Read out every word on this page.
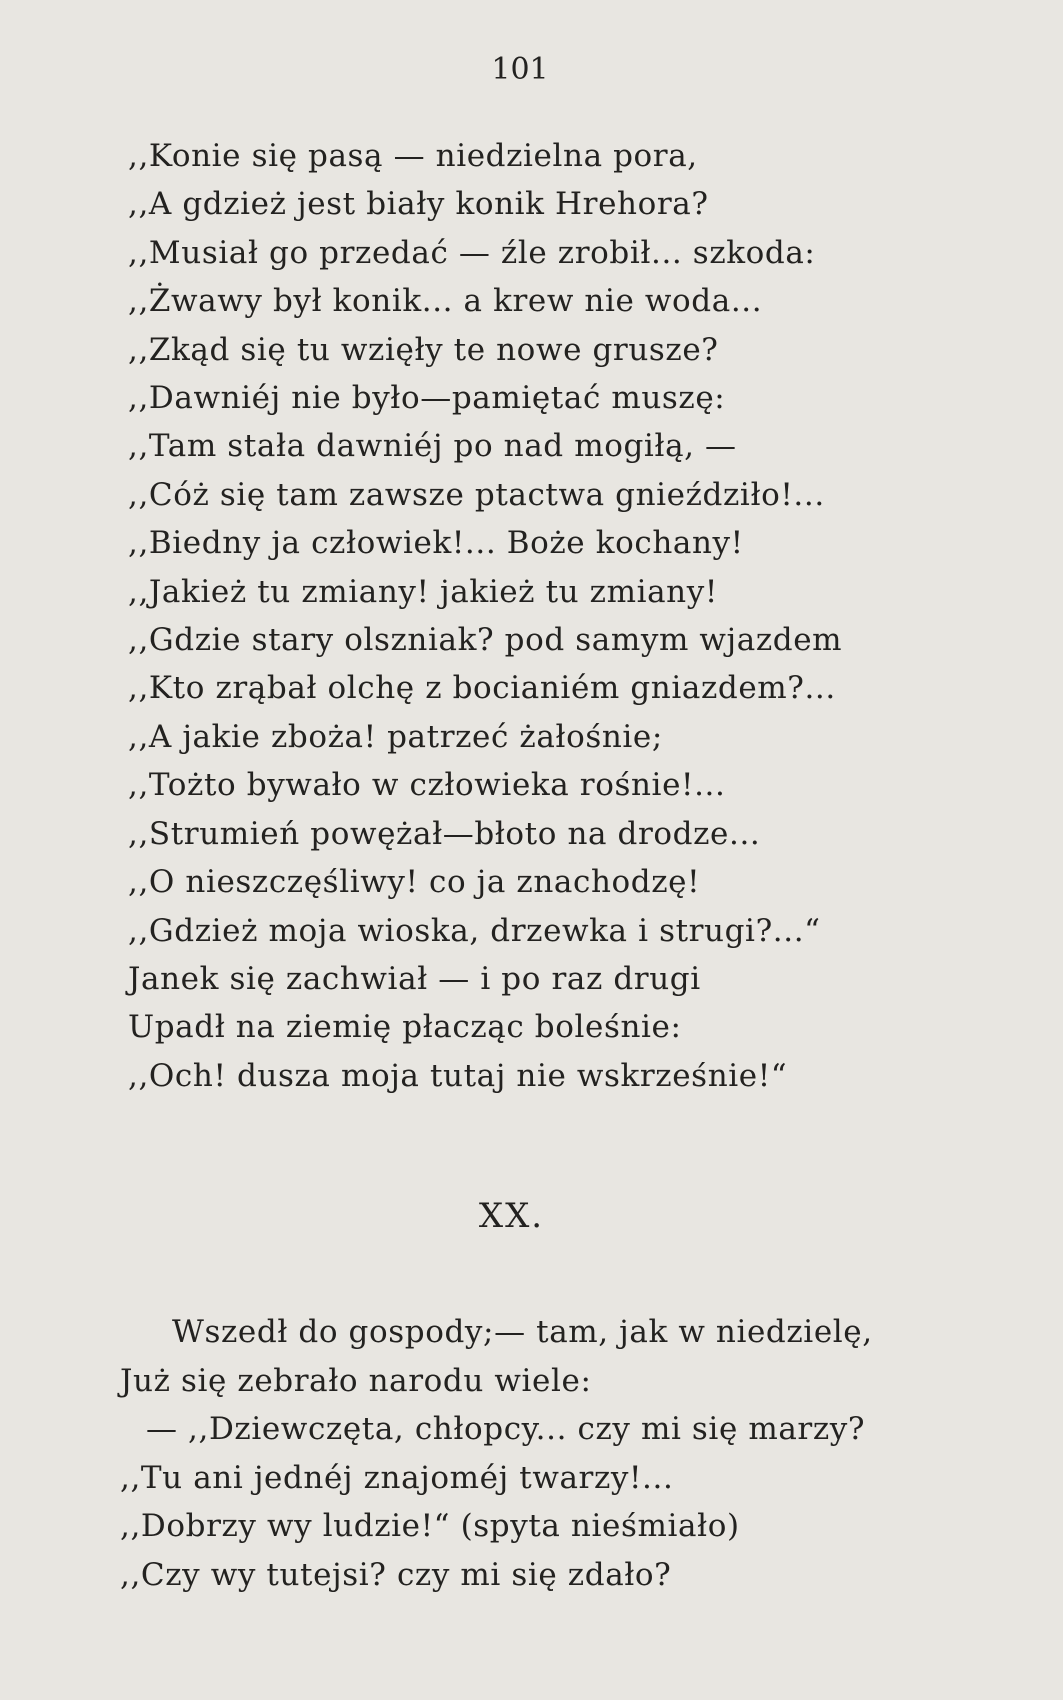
101
,,Konie się pasą — niedzielna pora,
,,A gdzież jest biały konik Hrehora?
,,Musiał go przedać — źle zrobił... szkoda:
,,Żwawy był konik... a krew nie woda...
,,Zkąd się tu wzięły te nowe grusze?
,,Dawniéj nie było—pamiętać muszę:
,,Tam stała dawniéj po nad mogiłą, —
,,Cóż się tam zawsze ptactwa gnieździło!...
,,Biedny ja człowiek!... Boże kochany!
,,Jakież tu zmiany! jakież tu zmiany!
,,Gdzie stary olszniak? pod samym wjazdem
,,Kto zrąbał olchę z bocianiém gniazdem?...
,,A jakie zboża! patrzeć żałośnie;
,,Tożto bywało w człowieka rośnie!...
,,Strumień powężał—błoto na drodze...
,,O nieszczęśliwy! co ja znachodzę!
,,Gdzież moja wioska, drzewka i strugi?...“
Janek się zachwiał — i po raz drugi
Upadł na ziemię płacząc boleśnie:
,,Och! dusza moja tutaj nie wskrześnie!“
XX.
Wszedł do gospody;— tam, jak w niedzielę,
Już się zebrało narodu wiele:
— ,,Dziewczęta, chłopcy... czy mi się marzy?
,,Tu ani jednéj znajoméj twarzy!...
,,Dobrzy wy ludzie!“ (spyta nieśmiało)
,,Czy wy tutejsi? czy mi się zdało?
